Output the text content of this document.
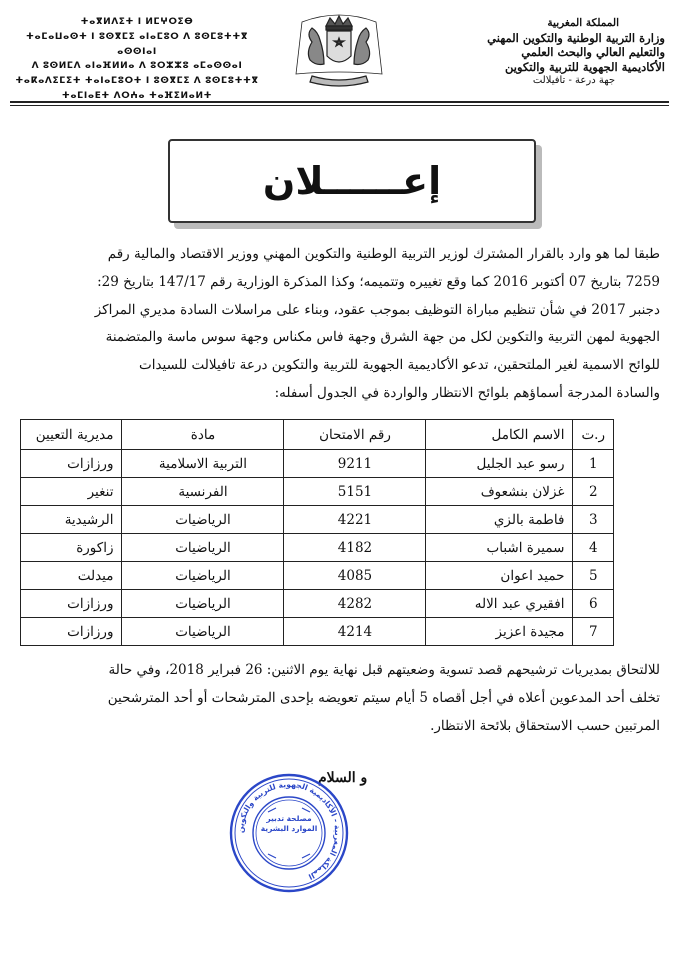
المملكة المغربية
وزارة التربية الوطنية والتكوين المهني
والتعليم العالي والبحث العلمي
الأكاديمية الجهوية للتربية والتكوين
جهة درعة - تافيلالت
ⵜⴰⴳⵍⴷⵉⵜ ⵏ ⵍⵎⵖⵔⵉⴱ
ⵜⴰⵎⴰⵡⴰⵙⵜ ⵏ ⵓⵙⴳⵎⵉ ⴰⵏⴰⵎⵓⵔ ⴷ ⵓⵙⵎⵓⵜⵜⴳ ⴰⵙⵙⵏⴰⵏ
ⴷ ⵓⵙⵍⵎⴷ ⴰⵏⴰⴼⵍⵍⴰ ⴷ ⵓⵔⵣⵣⵓ ⴰⵎⴰⵙⵙⴰⵏ
ⵜⴰⴽⴰⴷⵉⵎⵉⵜ ⵜⴰⵏⴰⵎⵓⵔⵜ ⵏ ⵓⵙⴳⵎⵉ ⴷ ⵓⵙⵎⵓⵜⵜⴳ
ⵜⴰⵎⵏⴰⴹⵜ ⴷⵔⵄⴰ ⵜⴰⴼⵉⵍⴰⵍⵜ
إعــــــلان
طبقا لما هو وارد بالقرار المشترك لوزير التربية الوطنية والتكوين المهني ووزير الاقتصاد والمالية رقم
7259 بتاريخ 07 أكتوبر 2016 كما وقع تغييره وتتميمه؛ وكذا المذكرة الوزارية رقم 147/17 بتاريخ 29:
دجنبر 2017 في شأن تنظيم مباراة التوظيف بموجب عقود، وبناء على مراسلات السادة مديري المراكز
الجهوية لمهن التربية والتكوين لكل من جهة الشرق وجهة فاس مكناس وجهة سوس ماسة والمتضمنة
للوائح الاسمية لغير الملتحقين، تدعو الأكاديمية الجهوية للتربية والتكوين درعة تافيلالت للسيدات
والسادة المدرجة أسماؤهم بلوائح الانتظار والواردة في الجدول أسفله:
ر.ت	الاسم الكامل	رقم الامتحان	مادة	مديرية التعيين
1	رسو عبد الجليل	9211	التربية الاسلامية	ورزازات
2	غزلان بنشعوف	5151	الفرنسية	تنغير
3	فاطمة بالزي	4221	الرياضيات	الرشيدية
4	سميرة اشباب	4182	الرياضيات	زاكورة
5	حميد اعوان	4085	الرياضيات	ميدلت
6	افقيري عبد الاله	4282	الرياضيات	ورزازات
7	مجيدة اعزيز	4214	الرياضيات	ورزازات
للالتحاق بمديريات ترشيحهم قصد تسوية وضعيتهم قبل نهاية يوم الاثنين: 26 فبراير 2018، وفي حالة
تخلف أحد المدعوين أعلاه في أجل أقصاه 5 أيام سيتم تعويضه بإحدى المترشحات أو أحد المترشحين
المرتبين حسب الاستحقاق بلائحة الانتظار.
و السلام
المملكة المغربية - الأكاديمية الجهوية للتربية والتكوين
مصلحة تدبير الموارد البشرية
